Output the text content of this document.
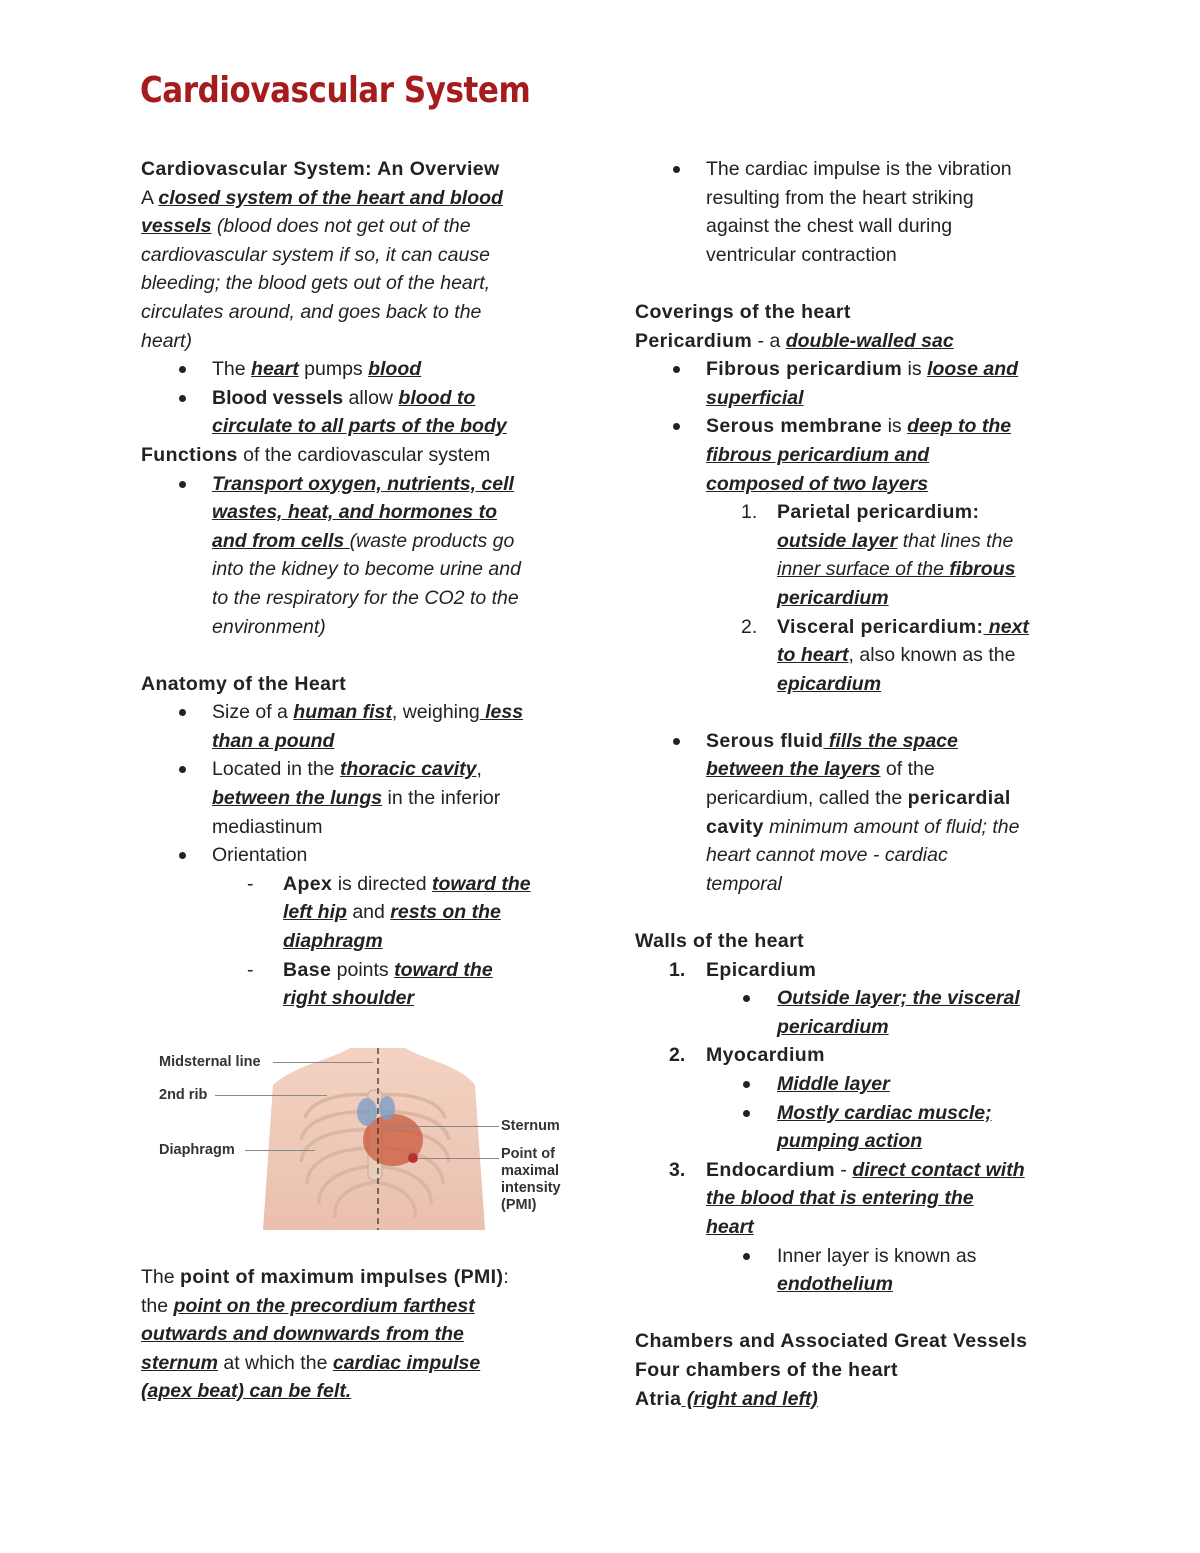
Cardiovascular System
Cardiovascular System: An Overview
A closed system of the heart and blood
vessels (blood does not get out of the
cardiovascular system if so, it can cause
bleeding; the blood gets out of the heart,
circulates around, and goes back to the
heart)
The heart pumps blood
Blood vessels allow blood to
circulate to all parts of the body
Functions of the cardiovascular system
Transport oxygen, nutrients, cell
wastes, heat, and hormones to
and from cells (waste products go
into the kidney to become urine and
to the respiratory for the CO2 to the
environment)
Anatomy of the Heart
Size of a human fist, weighing less
than a pound
Located in the thoracic cavity,
between the lungs in the inferior
mediastinum
Orientation
- Apex is directed toward the
left hip and rests on the
diaphragm
- Base points toward the
right shoulder
Midsternal line
2nd rib
Diaphragm
Sternum
Point of
maximal
intensity
(PMI)
The point of maximum impulses (PMI):
the point on the precordium farthest
outwards and downwards from the
sternum at which the cardiac impulse
(apex beat) can be felt.
The cardiac impulse is the vibration
resulting from the heart striking
against the chest wall during
ventricular contraction
Coverings of the heart
Pericardium - a double-walled sac
Fibrous pericardium is loose and
superficial
Serous membrane is deep to the
fibrous pericardium and
composed of two layers
1. Parietal pericardium:
outside layer that lines the
inner surface of the fibrous
pericardium
2. Visceral pericardium: next
to heart, also known as the
epicardium
Serous fluid fills the space
between the layers of the
pericardium, called the pericardial
cavity minimum amount of fluid; the
heart cannot move - cardiac
temporal
Walls of the heart
1. Epicardium
Outside layer; the visceral
pericardium
2. Myocardium
Middle layer
Mostly cardiac muscle;
pumping action
3. Endocardium - direct contact with
the blood that is entering the
heart
Inner layer is known as
endothelium
Chambers and Associated Great Vessels
Four chambers of the heart
Atria (right and left)
